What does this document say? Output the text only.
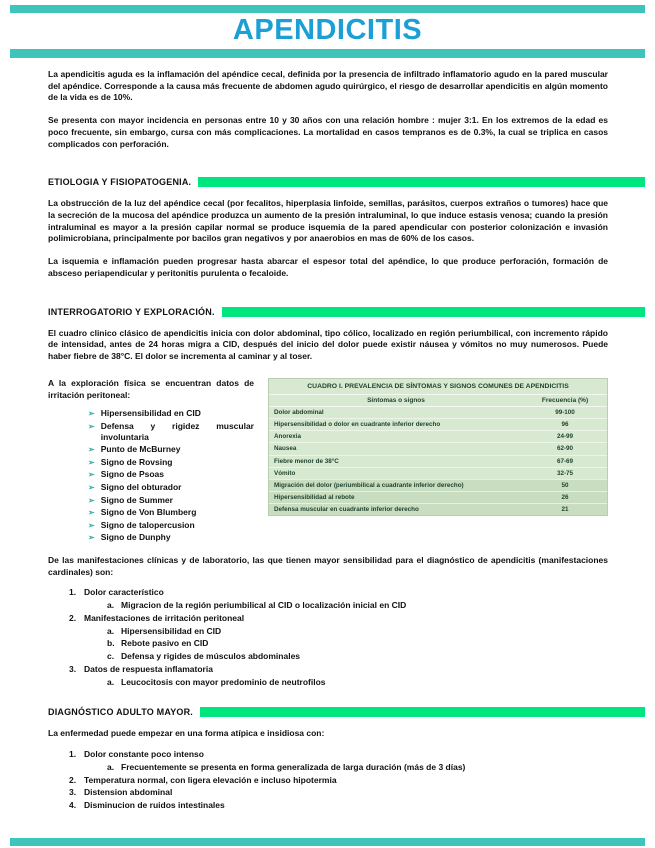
APENDICITIS

La apendicitis aguda es la inflamación del apéndice cecal, definida por la presencia de infiltrado inflamatorio agudo en la pared muscular del apéndice. Corresponde a la causa más frecuente de abdomen agudo quirúrgico, el riesgo de desarrollar apendicitis en algún momento de la vida es de 10%.

Se presenta con mayor incidencia en personas entre 10 y 30 años con una relación hombre : mujer 3:1. En los extremos de la edad es poco frecuente, sin embargo, cursa con más complicaciones. La mortalidad en casos tempranos es de 0.3%, la cual se triplica en casos complicados con perforación.

ETIOLOGIA Y FISIOPATOGENIA.

La obstrucción de la luz del apéndice cecal (por fecalitos, hiperplasia linfoide, semillas, parásitos, cuerpos extraños o tumores) hace que la secreción de la mucosa del apéndice produzca un aumento de la presión intraluminal, lo que induce estasis venosa; cuando la presión intraluminal es mayor a la presión capilar normal se produce isquemia de la pared apendicular con posterior colonización e invasión polimicrobiana, principalmente por bacilos gran negativos y por anaerobios en mas de 60% de los casos.

La isquemia e inflamación pueden progresar hasta abarcar el espesor total del apéndice, lo que produce perforación, formación de absceso periapendicular y peritonitis purulenta o fecaloide.

INTERROGATORIO Y EXPLORACIÓN.

El cuadro clinico clásico de apendicitis inicia con dolor abdominal, tipo cólico, localizado en región periumbilical, con incremento rápido de intensidad, antes de 24 horas migra a CID, después del inicio del dolor puede existir náusea y vómitos no muy numerosos. Puede haber fiebre de 38°C. El dolor se incrementa al caminar y al toser.

A la exploración física se encuentran datos de irritación peritoneal:

➢ Hipersensibilidad en CID
➢ Defensa y rigidez muscular involuntaria
➢ Punto de McBurney
➢ Signo de Rovsing
➢ Signo de Psoas
➢ Signo del obturador
➢ Signo de Summer
➢ Signo de Von Blumberg
➢ Signo de talopercusion
➢ Signo de Dunphy
CUADRO I. PREVALENCIA DE SÍNTOMAS Y SIGNOS COMUNES DE APENDICITIS
Síntomas o signos	Frecuencia (%)
Dolor abdominal	99-100
Hipersensibilidad o dolor en cuadrante inferior derecho	96
Anorexia	24-99
Nausea	62-90
Fiebre menor de 38°C	67-69
Vómito	32-75
Migración del dolor (periumbilical a cuadrante inferior derecho)	50
Hipersensibilidad al rebote	26
Defensa muscular en cuadrante inferior derecho	21

De las manifestaciones clínicas y de laboratorio, las que tienen mayor sensibilidad para el diagnóstico de apendicitis (manifestaciones cardinales) son:

1. Dolor característico
a. Migracion de la región periumbilical al CID o localización inicial en CID
2. Manifestaciones de irritación peritoneal
a. Hipersensibilidad en CID
b. Rebote pasivo en CID
c. Defensa y rigides de músculos abdominales
3. Datos de respuesta inflamatoria
a. Leucocitosis con mayor predominio de neutrofilos
DIAGNÓSTICO ADULTO MAYOR.

La enfermedad puede empezar en una forma atípica e insidiosa con:

1. Dolor constante poco intenso
a. Frecuentemente se presenta en forma generalizada de larga duración (más de 3 días)
2. Temperatura normal, con ligera elevación e incluso hipotermia
3. Distension abdominal
4. Disminucion de ruidos intestinales
